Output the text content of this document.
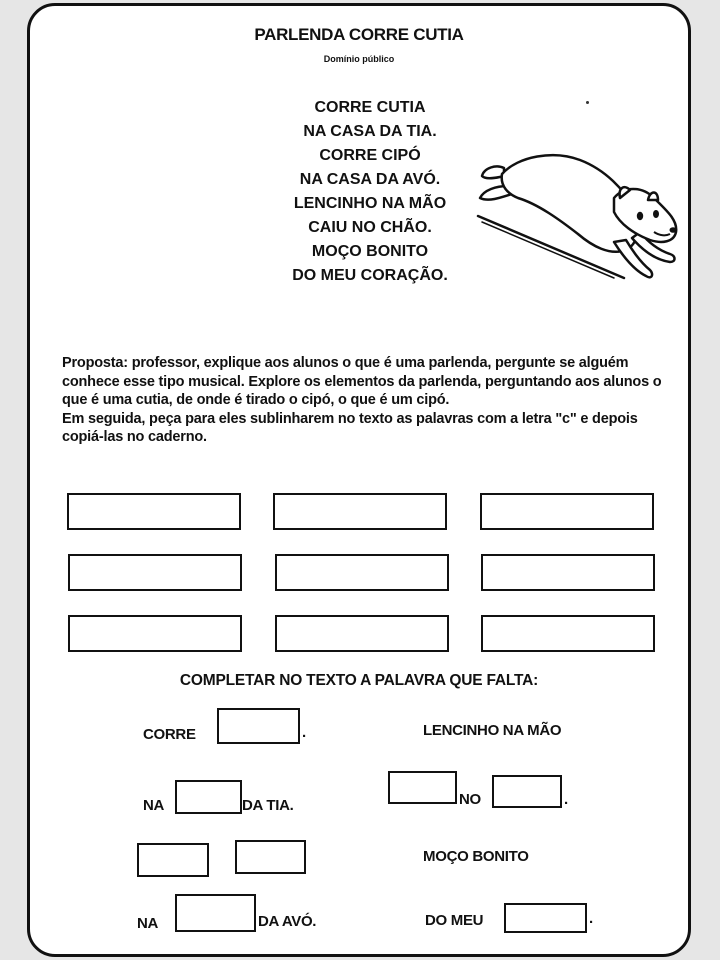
PARLENDA CORRE CUTIA
Domínio público
CORRE CUTIA
NA CASA DA TIA.
CORRE CIPÓ
NA CASA DA AVÓ.
LENCINHO NA MÃO
CAIU NO CHÃO.
MOÇO BONITO
DO MEU CORAÇÃO.

Proposta: professor, explique aos alunos o que é uma parlenda, pergunte se alguém conhece esse tipo musical. Explore os elementos da parlenda, perguntando aos alunos o que é uma cutia, de onde é tirado o cipó, o que é um cipó.

Em seguida, peça para eles sublinharem no texto as palavras com a letra "c" e depois copiá-las no caderno.

COMPLETAR NO TEXTO A PALAVRA QUE FALTA:
CORRE	.
NA	DA TIA.
NA	DA AVÓ.
LENCINHO NA MÃO
NO	.
MOÇO BONITO
DO MEU	.
